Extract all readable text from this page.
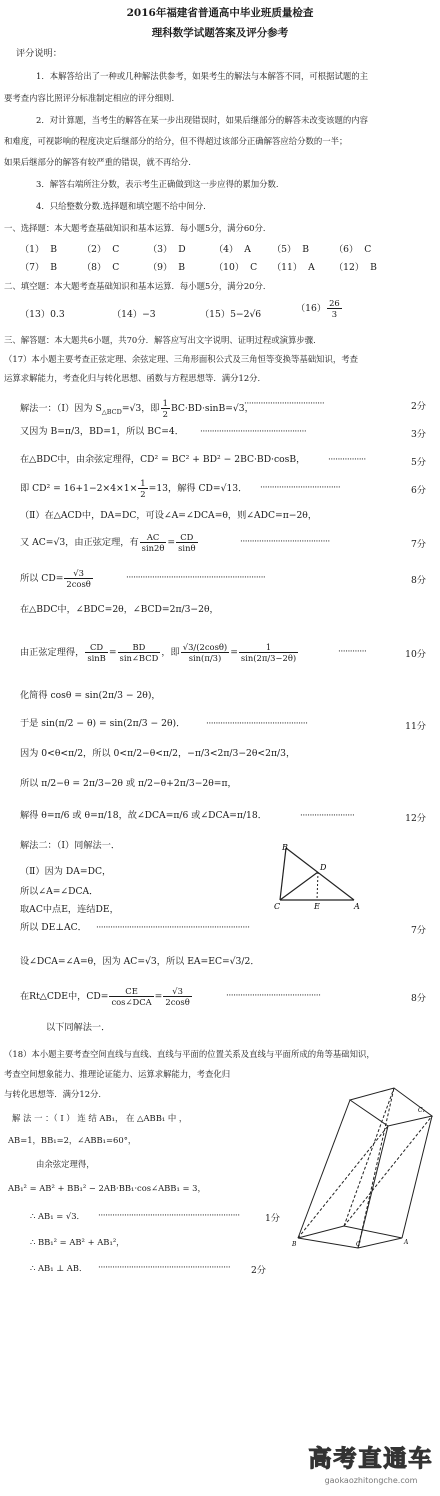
2016年福建省普通高中毕业班质量检查
理科数学试题答案及评分参考
评分说明：
1．本解答给出了一种或几种解法供参考，如果考生的解法与本解答不同，可根据试题的主
要考查内容比照评分标准制定相应的评分细则.
2．对计算题，当考生的解答在某一步出现错误时，如果后继部分的解答未改变该题的内容
和难度，可视影响的程度决定后继部分的给分，但不得超过该部分正确解答应给分数的一半；
如果后继部分的解答有较严重的错误，就不再给分.
3．解答右端所注分数，表示考生正确做到这一步应得的累加分数.
4．只给整数分数.选择题和填空题不给中间分.
一、选择题：本大题考查基础知识和基本运算．每小题5分，满分60分．
（1） B	（2） C	（3） D	（4） A （5） B	（6） C
（7） B	（8） C	（9） B	（10） C （11） A （12） B
二、填空题：本大题考查基础知识和基本运算．每小题5分，满分20分．
（13）0.3	（14）−3	（15）5−2√6
$(16) \frac{26}{3}$
三、解答题：本大题共6小题，共70分．解答应写出文字说明、证明过程或演算步骤．
（17）本小题主要考查正弦定理、余弦定理、三角形面积公式及三角恒等变换等基础知识，考查
运算求解能力，考查化归与转化思想、函数与方程思想等．满分12分．
解法一：（Ⅰ）因为 $S_{\triangle BCD}=√3$，即 $\frac{1}{2} BC\cdot BD\cdot\sin B=√3$，
··································	2分
又因为 B=π/3，BD=1，所以 BC=4． ·············································	3分
在△BDC中，由余弦定理得，CD² = BC² + BD² − 2BC·BD·cosB，	················	5分
即 $CD^2 = 16+1-2\times 4\times 1\times \frac{1}{2} =13$，解得 CD=√13． ··································	6分
（Ⅱ）在△ACD中，DA=DC，可设∠A=∠DCA=θ，则∠ADC=π−2θ，
又 AC=√3，由正弦定理，有 $\frac{AC}{\sin 2\theta} = \frac{CD}{\sin\theta}$	······································	7分
所以 $CD= \frac{√3}{2\cos\theta}$	···························································	8分
在△BDC中，∠BDC=2θ，∠BCD=2π/3−2θ，
由正弦定理得， $\frac{CD}{\sin B} = \frac{BD}{\text{sin∠BCD}}$ ，即 $\frac{√3/(2\cos\theta)}{\sin(\pi/3)} = \frac{1}{\sin(2\pi/3-2\theta)}$	············	10分
化简得 cosθ = sin(2π/3 − 2θ)，
于是 sin(π/2 − θ) = sin(2π/3 − 2θ)． ···········································	11分
因为 0<θ<π/2，所以 0<π/2−θ<π/2，−π/3<2π/3−2θ<2π/3，
所以 π/2−θ = 2π/3−2θ 或 π/2−θ+2π/3−2θ=π，
解得 θ=π/6 或 θ=π/18，故∠DCA=π/6 或∠DCA=π/18．	·······················	12分
解法二：（Ⅰ）同解法一．
（Ⅱ）因为 DA=DC，
所以∠A=∠DCA．
取AC中点E，连结DE，
所以 DE⊥AC． ·································································	7分
设∠DCA=∠A=θ，因为 AC=√3，所以 EA=EC=√3/2．
在Rt△CDE中，$CD= \frac{CE}{\text{cos∠DCA}} = \frac{√3}{2\cos\theta}$	········································	8分
以下同解法一．
B
D
C	E	A
（18）本小题主要考查空间直线与直线、直线与平面的位置关系及直线与平面所成的角等基础知识，
考查空间想象能力、推理论证能力、运算求解能力，考查化归
与转化思想等．满分12分．
解 法 一 ：（ Ⅰ ） 连 结 AB₁， 在 △ABB₁ 中 ，
AB=1，BB₁=2，∠ABB₁=60°，
由余弦定理得，
AB₁² = AB² + BB₁² − 2AB·BB₁·cos∠ABB₁ = 3，
∴ AB₁ = √3． ····························································	1分
∴ BB₁² = AB² + AB₁²，
∴ AB₁ ⊥ AB． ························································	2分
C₁
B	C	A
高考直通车
gaokaozhitongche.com
